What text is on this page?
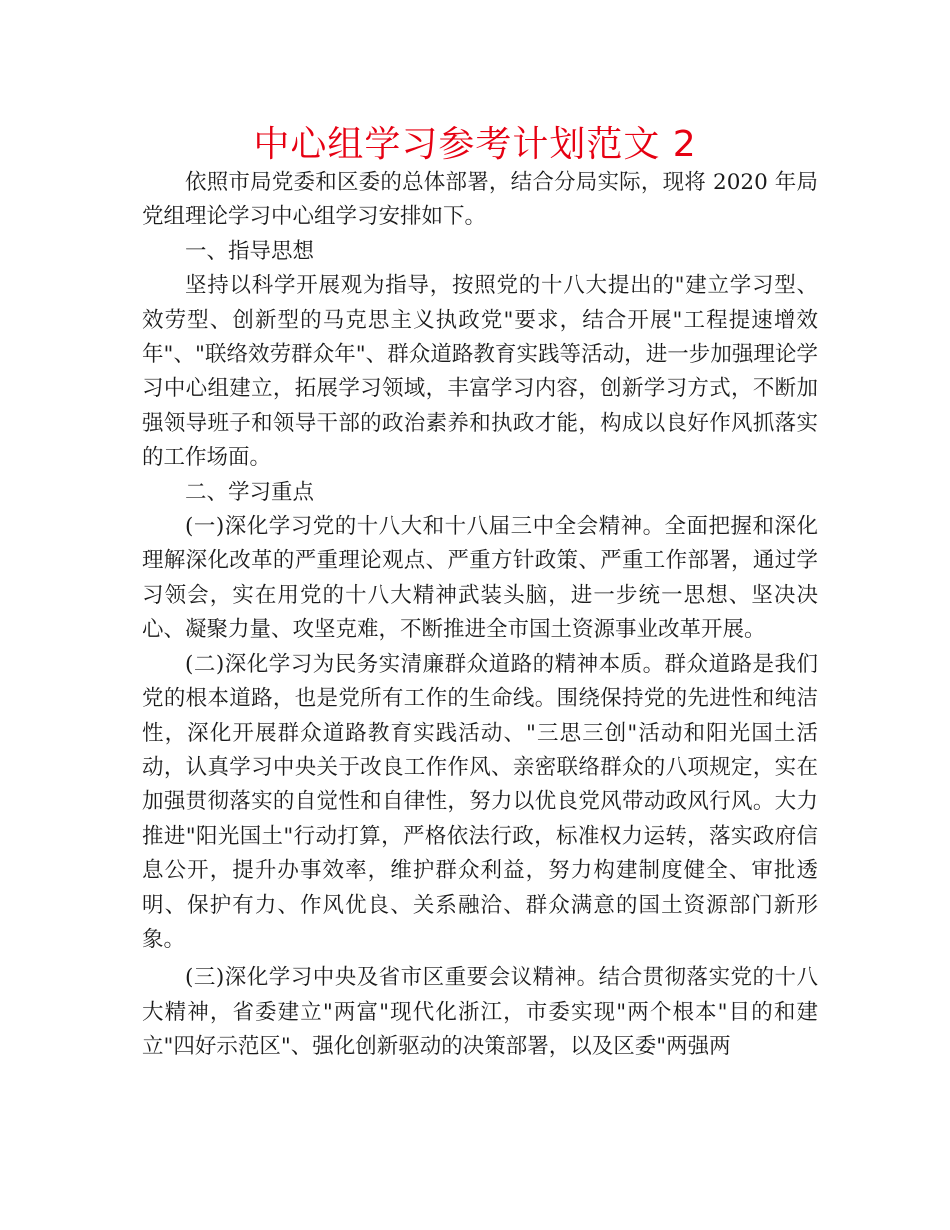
中心组学习参考计划范文 2

依照市局党委和区委的总体部署，结合分局实际，现将 2020 年局党组理论学习中心组学习安排如下。

一、指导思想

坚持以科学开展观为指导，按照党的十八大提出的"建立学习型、效劳型、创新型的马克思主义执政党"要求，结合开展"工程提速增效年"、"联络效劳群众年"、群众道路教育实践等活动，进一步加强理论学习中心组建立，拓展学习领域，丰富学习内容，创新学习方式，不断加强领导班子和领导干部的政治素养和执政才能，构成以良好作风抓落实的工作场面。

二、学习重点

(一)深化学习党的十八大和十八届三中全会精神。全面把握和深化理解深化改革的严重理论观点、严重方针政策、严重工作部署，通过学习领会，实在用党的十八大精神武装头脑，进一步统一思想、坚决决心、凝聚力量、攻坚克难，不断推进全市国土资源事业改革开展。

(二)深化学习为民务实清廉群众道路的精神本质。群众道路是我们党的根本道路，也是党所有工作的生命线。围绕保持党的先进性和纯洁性，深化开展群众道路教育实践活动、"三思三创"活动和阳光国土活动，认真学习中央关于改良工作作风、亲密联络群众的八项规定，实在加强贯彻落实的自觉性和自律性，努力以优良党风带动政风行风。大力推进"阳光国土"行动打算，严格依法行政，标准权力运转，落实政府信息公开，提升办事效率，维护群众利益，努力构建制度健全、审批透明、保护有力、作风优良、关系融洽、群众满意的国土资源部门新形象。

(三)深化学习中央及省市区重要会议精神。结合贯彻落实党的十八大精神，省委建立"两富"现代化浙江，市委实现"两个根本"目的和建立"四好示范区"、强化创新驱动的决策部署，以及区委"两强两
